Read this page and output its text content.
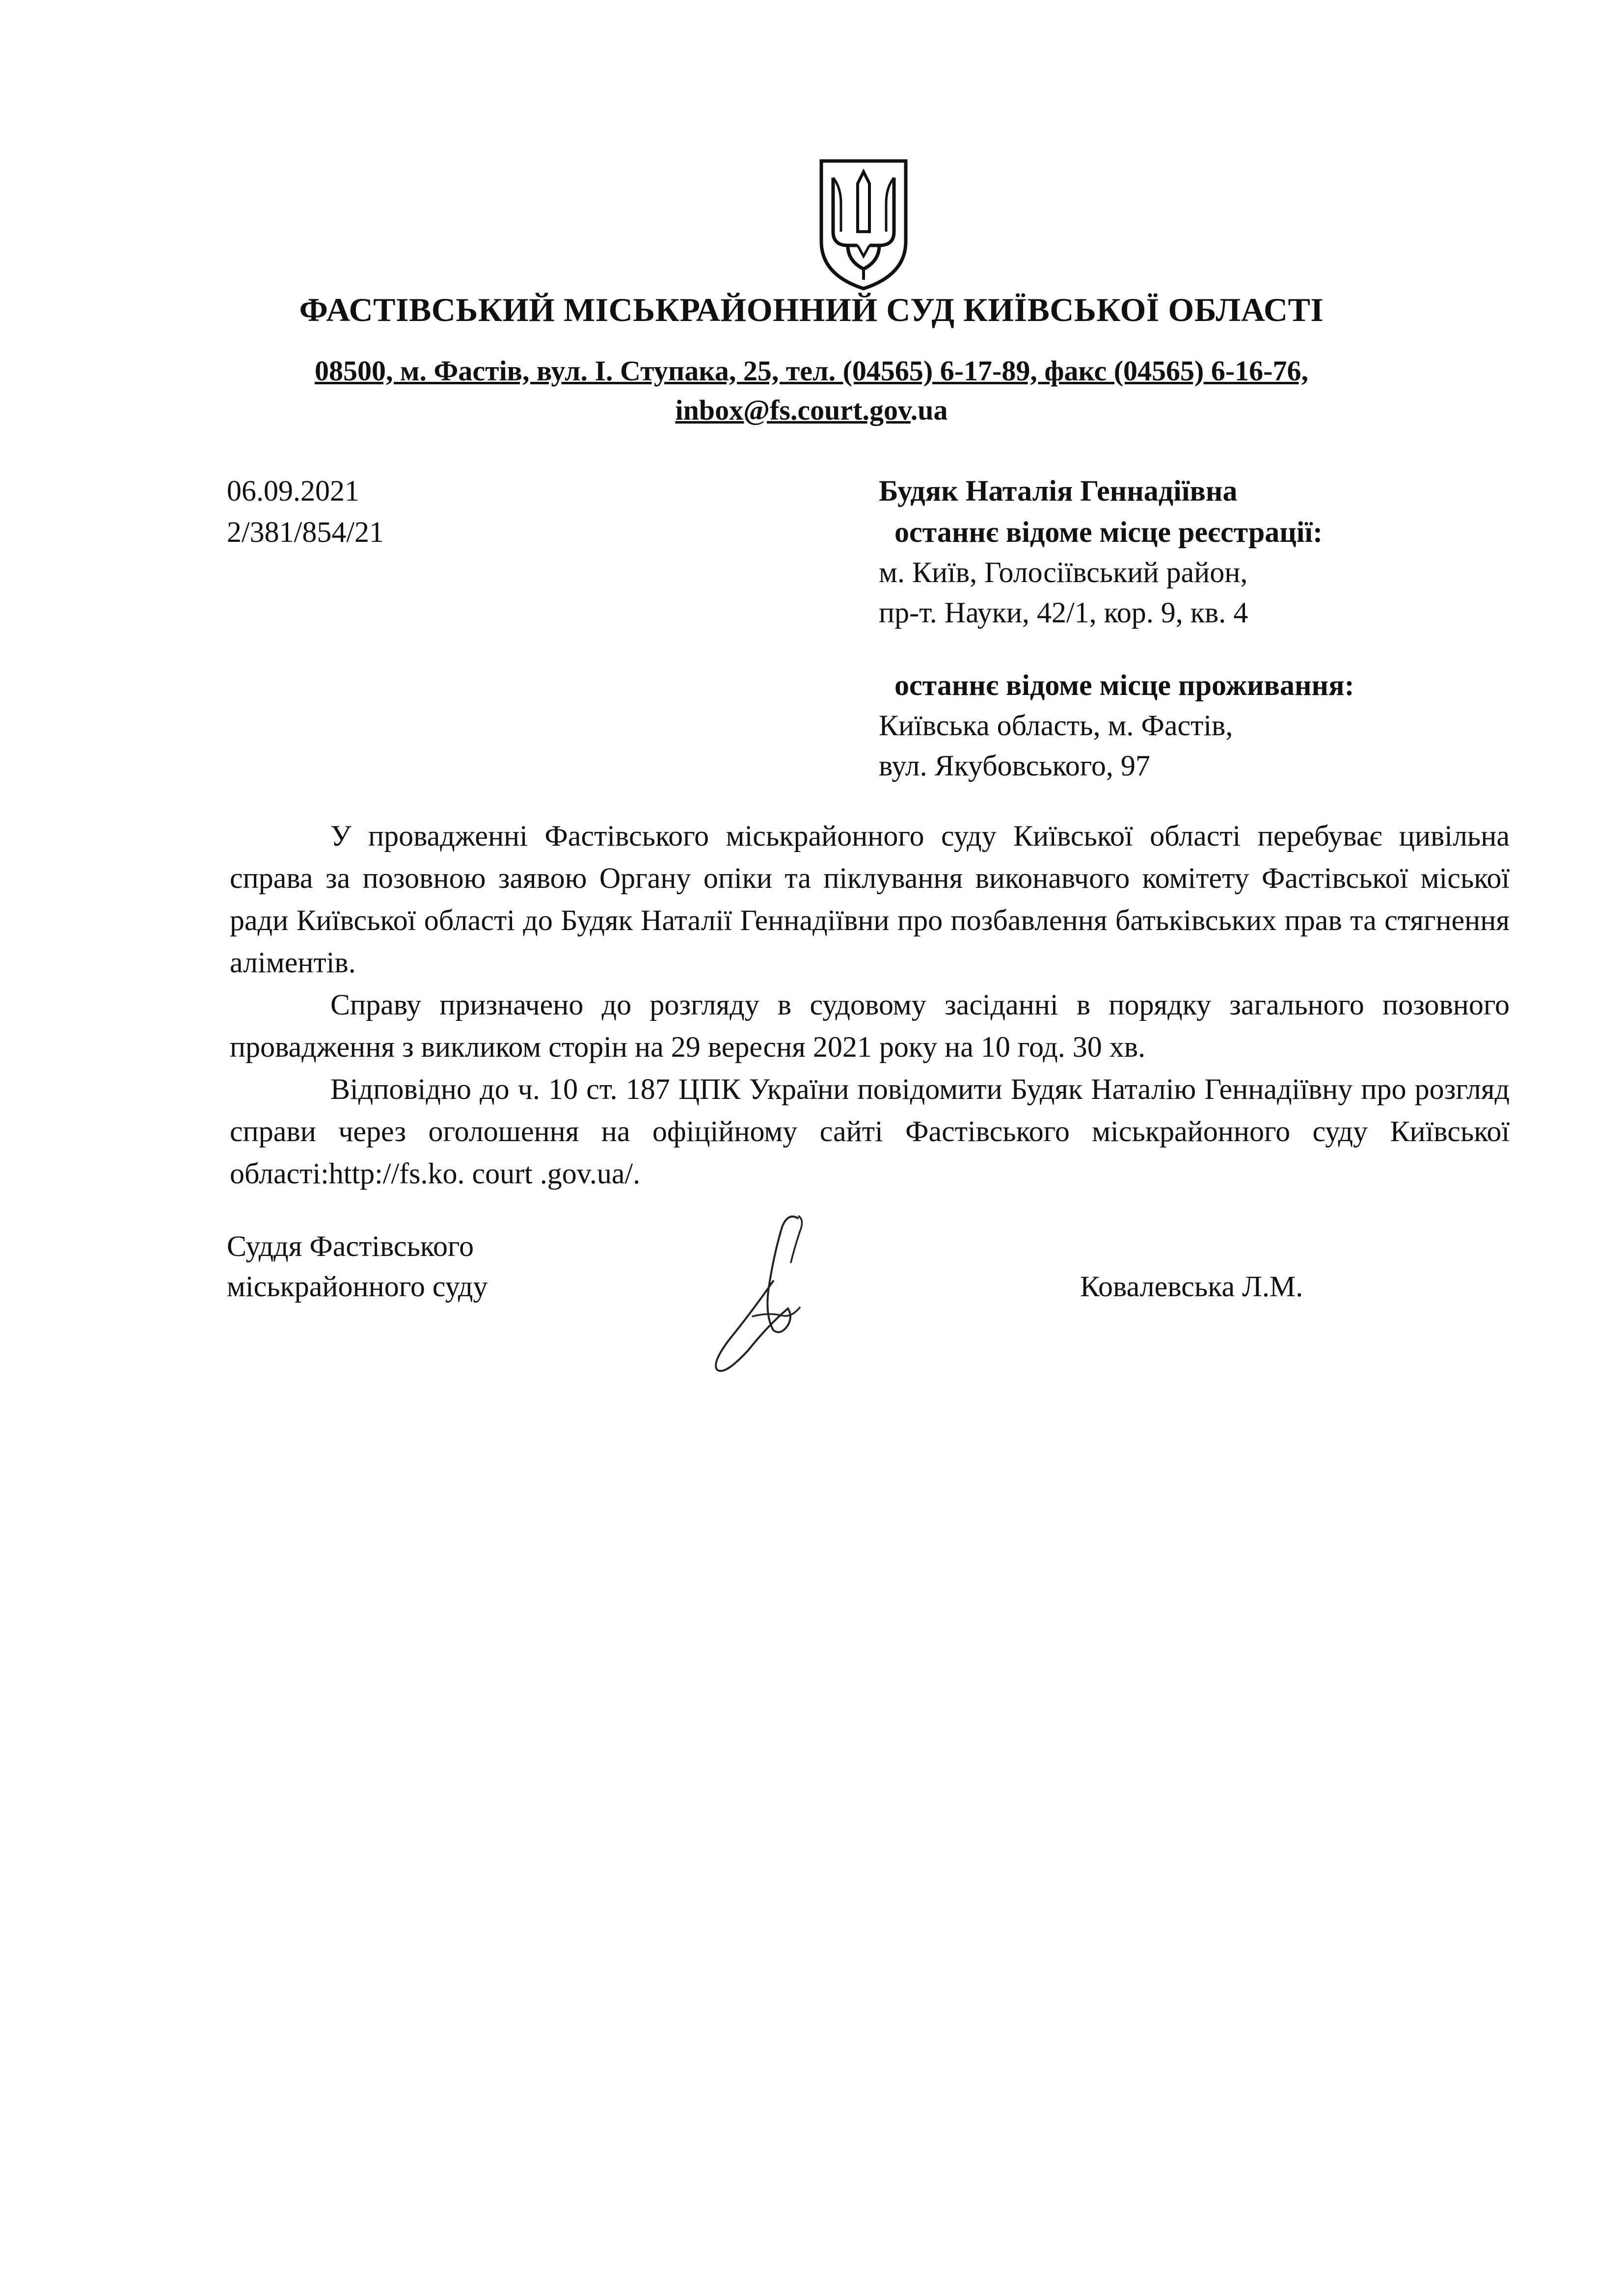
ФАСТІВСЬКИЙ МІСЬКРАЙОННИЙ СУД КИЇВСЬКОЇ ОБЛАСТІ
08500, м. Фастів, вул. І. Ступака, 25, тел. (04565) 6-17-89, факс (04565) 6-16-76,
inbox@fs.court.gov.ua
06.09.2021
2/381/854/21
Будяк Наталія Геннадіївна
останнє відоме місце реєстрації:
м. Київ, Голосіївський район,
пр-т. Науки, 42/1, кор. 9, кв. 4
останнє відоме місце проживання:
Київська область, м. Фастів,
вул. Якубовського, 97

У провадженні Фастівського міськрайонного суду Київської області перебуває цивільна справа за позовною заявою Органу опіки та піклування виконавчого комітету Фастівської міської ради Київської області до Будяк Наталії Геннадіївни про позбавлення батьківських прав та стягнення аліментів.

Справу призначено до розгляду в судовому засіданні в порядку загального позовного провадження з викликом сторін на 29 вересня 2021 року на 10 год. 30 хв.

Відповідно до ч. 10 ст. 187 ЦПК України повідомити Будяк Наталію Геннадіївну про розгляд справи через оголошення на офіційному сайті Фастівського міськрайонного суду Київської області:http://fs.ko. court .gov.ua/.

Суддя Фастівського
міськрайонного суду	Ковалевська Л.М.
